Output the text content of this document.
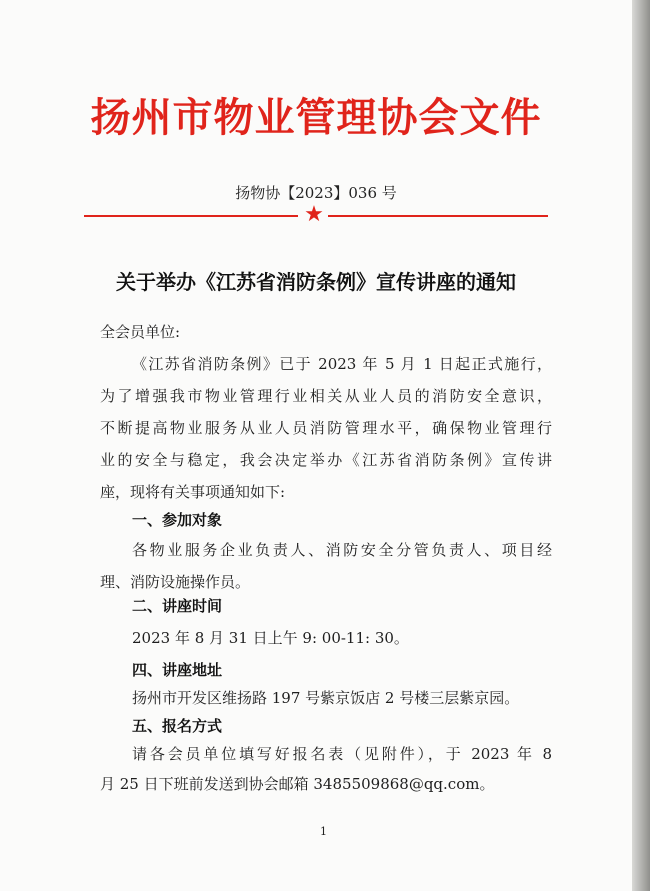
扬州市物业管理协会文件
扬物协【2023】036 号
★
关于举办《江苏省消防条例》宣传讲座的通知
全会员单位:
《江苏省消防条例》已于 2023 年 5 月 1 日起正式施行，
为了增强我市物业管理行业相关从业人员的消防安全意识，
不断提高物业服务从业人员消防管理水平，确保物业管理行
业的安全与稳定，我会决定举办《江苏省消防条例》宣传讲
座，现将有关事项通知如下:
一、参加对象
各物业服务企业负责人、消防安全分管负责人、项目经
理、消防设施操作员。
二、讲座时间
2023 年 8 月 31 日上午 9: 00-11: 30。
四、讲座地址
扬州市开发区维扬路 197 号紫京饭店 2 号楼三层紫京园。
五、报名方式
请各会员单位填写好报名表（见附件），于 2023 年 8
月 25 日下班前发送到协会邮箱 3485509868@qq.com。
1
